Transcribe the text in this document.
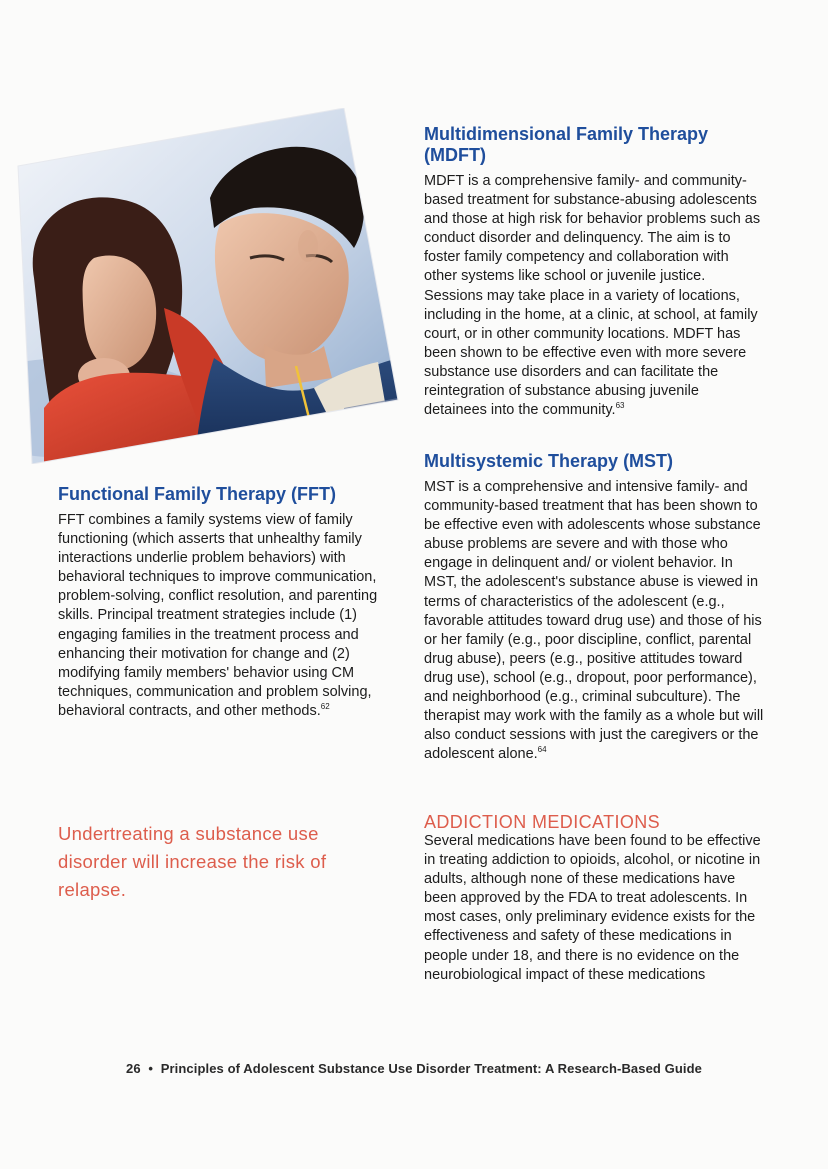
Multidimensional Family Therapy (MDFT)

MDFT is a comprehensive family- and community-based treatment for substance-abusing adolescents and those at high risk for behavior problems such as conduct disorder and delinquency. The aim is to foster family competency and collaboration with other systems like school or juvenile justice. Sessions may take place in a variety of locations, including in the home, at a clinic, at school, at family court, or in other community locations. MDFT has been shown to be effective even with more severe substance use disorders and can facilitate the reintegration of substance abusing juvenile detainees into the community.$^{63}$

Multisystemic Therapy (MST)

MST is a comprehensive and intensive family- and community-based treatment that has been shown to be effective even with adolescents whose substance abuse problems are severe and with those who engage in delinquent and/ or violent behavior. In MST, the adolescent's substance abuse is viewed in terms of characteristics of the adolescent (e.g., favorable attitudes toward drug use) and those of his or her family (e.g., poor discipline, conflict, parental drug abuse), peers (e.g., positive attitudes toward drug use), school (e.g., dropout, poor performance), and neighborhood (e.g., criminal subculture). The therapist may work with the family as a whole but will also conduct sessions with just the caregivers or the adolescent alone.$^{64}$

Functional Family Therapy (FFT)

FFT combines a family systems view of family functioning (which asserts that unhealthy family interactions underlie problem behaviors) with behavioral techniques to improve communication, problem-solving, conflict resolution, and parenting skills. Principal treatment strategies include (1) engaging families in the treatment process and enhancing their motivation for change and (2) modifying family members' behavior using CM techniques, communication and problem solving, behavioral contracts, and other methods.$^{62}$

Undertreating a substance use disorder will increase the risk of relapse.
ADDICTION MEDICATIONS

Several medications have been found to be effective in treating addiction to opioids, alcohol, or nicotine in adults, although none of these medications have been approved by the FDA to treat adolescents. In most cases, only preliminary evidence exists for the effectiveness and safety of these medications in people under 18, and there is no evidence on the neurobiological impact of these medications

26 • Principles of Adolescent Substance Use Disorder Treatment: A Research-Based Guide
